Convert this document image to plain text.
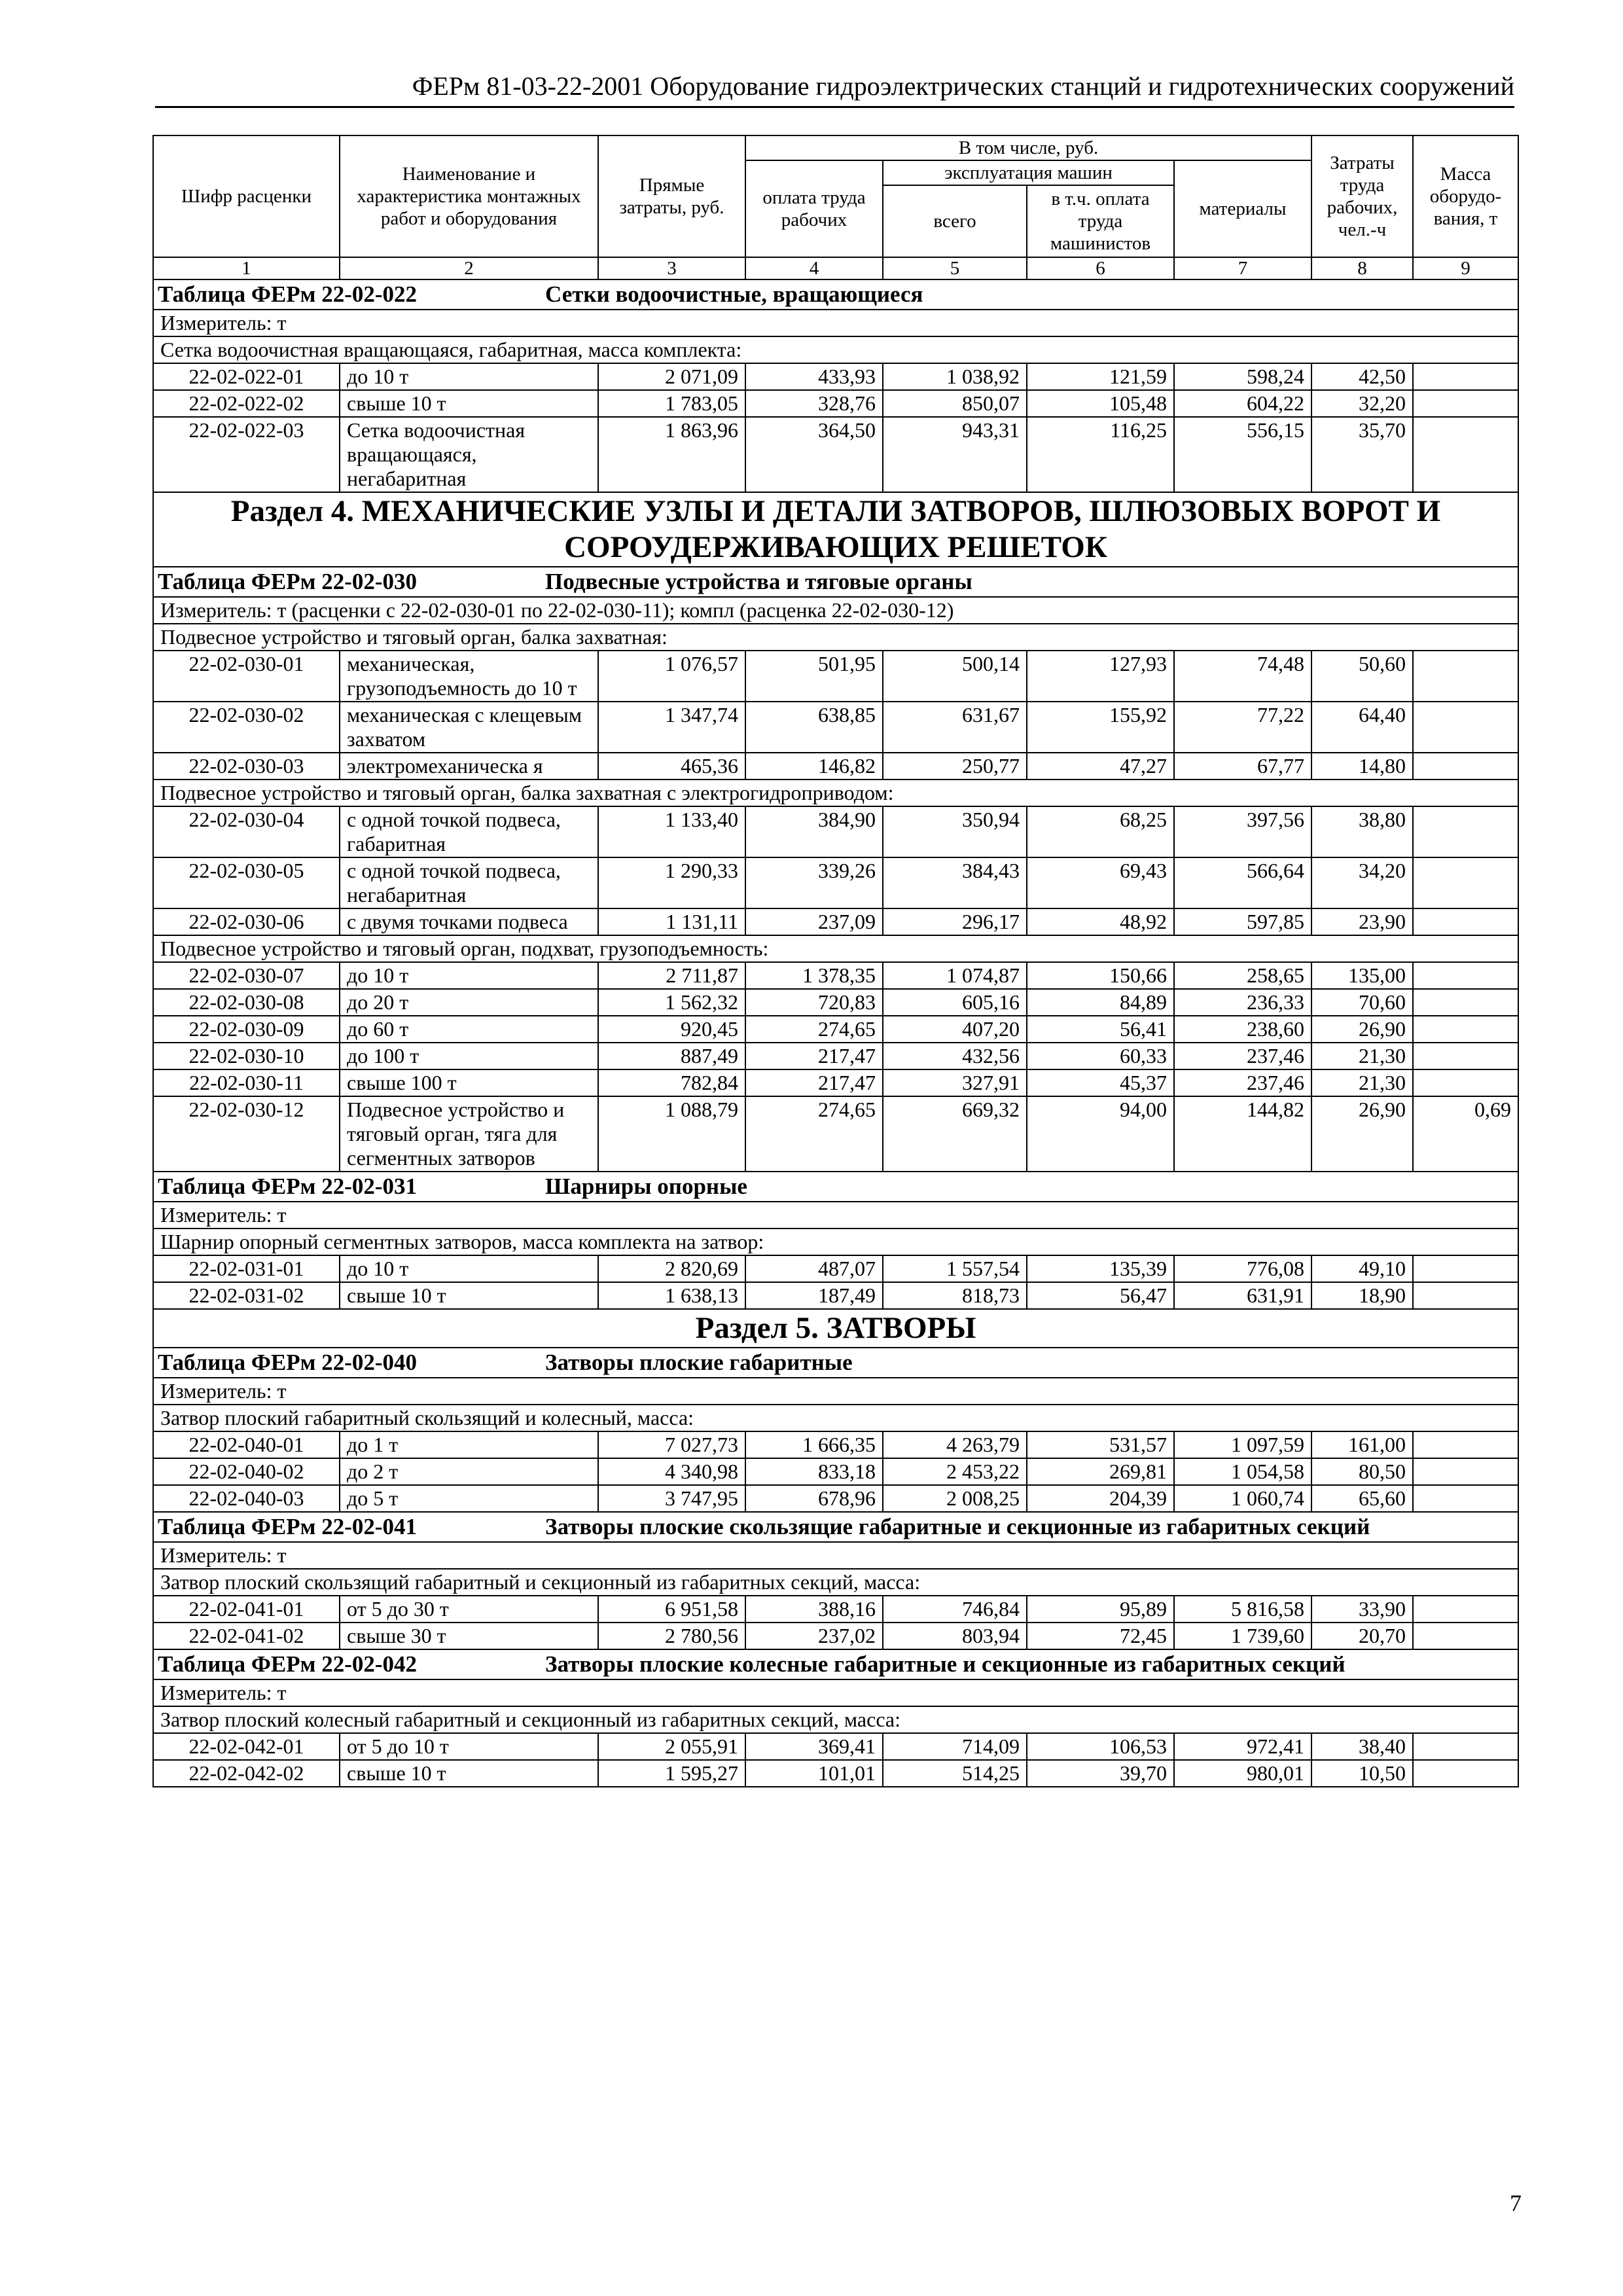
ФЕРм 81-03-22-2001 Оборудование гидроэлектрических станций и гидротехнических сооружений
Шифр расценки	Наименование и характеристика монтажных работ и оборудования	Прямые затраты, руб.	В том числе, руб.				Затраты труда рабочих, чел.-ч	Масса оборудо-вания, т
			оплата труда рабочих	эксплуатация машин		материалы		
				всего	в т.ч. оплата труда машинистов			
1	2	3	4	5	6	7	8	9
Таблица ФЕРм 22-02-022 Сетки водоочистные, вращающиеся								
Измеритель: т								
Сетка водоочистная вращающаяся, габаритная, масса комплекта:								
22-02-022-01	до 10 т	2 071,09	433,93	1 038,92	121,59	598,24	42,50	
22-02-022-02	свыше 10 т	1 783,05	328,76	850,07	105,48	604,22	32,20	
22-02-022-03	Сетка водоочистная вращающаяся, негабаритная	1 863,96	364,50	943,31	116,25	556,15	35,70	
Раздел 4. МЕХАНИЧЕСКИЕ УЗЛЫ И ДЕТАЛИ ЗАТВОРОВ, ШЛЮЗОВЫХ ВОРОТ И СОРОУДЕРЖИВАЮЩИХ РЕШЕТОК								
Таблица ФЕРм 22-02-030 Подвесные устройства и тяговые органы								
Измеритель: т (расценки с 22-02-030-01 по 22-02-030-11); компл (расценка 22-02-030-12)								
Подвесное устройство и тяговый орган, балка захватная:								
22-02-030-01	механическая, грузоподъемность до 10 т	1 076,57	501,95	500,14	127,93	74,48	50,60	
22-02-030-02	механическая с клещевым захватом	1 347,74	638,85	631,67	155,92	77,22	64,40	
22-02-030-03	электромеханическа я	465,36	146,82	250,77	47,27	67,77	14,80	
Подвесное устройство и тяговый орган, балка захватная с электрогидроприводом:								
22-02-030-04	с одной точкой подвеса, габаритная	1 133,40	384,90	350,94	68,25	397,56	38,80	
22-02-030-05	с одной точкой подвеса, негабаритная	1 290,33	339,26	384,43	69,43	566,64	34,20	
22-02-030-06	с двумя точками подвеса	1 131,11	237,09	296,17	48,92	597,85	23,90	
Подвесное устройство и тяговый орган, подхват, грузоподъемность:								
22-02-030-07	до 10 т	2 711,87	1 378,35	1 074,87	150,66	258,65	135,00	
22-02-030-08	до 20 т	1 562,32	720,83	605,16	84,89	236,33	70,60	
22-02-030-09	до 60 т	920,45	274,65	407,20	56,41	238,60	26,90	
22-02-030-10	до 100 т	887,49	217,47	432,56	60,33	237,46	21,30	
22-02-030-11	свыше 100 т	782,84	217,47	327,91	45,37	237,46	21,30	
22-02-030-12	Подвесное устройство и тяговый орган, тяга для сегментных затворов	1 088,79	274,65	669,32	94,00	144,82	26,90	0,69
Таблица ФЕРм 22-02-031 Шарниры опорные								
Измеритель: т								
Шарнир опорный сегментных затворов, масса комплекта на затвор:								
22-02-031-01	до 10 т	2 820,69	487,07	1 557,54	135,39	776,08	49,10	
22-02-031-02	свыше 10 т	1 638,13	187,49	818,73	56,47	631,91	18,90	
Раздел 5. ЗАТВОРЫ								
Таблица ФЕРм 22-02-040 Затворы плоские габаритные								
Измеритель: т								
Затвор плоский габаритный скользящий и колесный, масса:								
22-02-040-01	до 1 т	7 027,73	1 666,35	4 263,79	531,57	1 097,59	161,00	
22-02-040-02	до 2 т	4 340,98	833,18	2 453,22	269,81	1 054,58	80,50	
22-02-040-03	до 5 т	3 747,95	678,96	2 008,25	204,39	1 060,74	65,60	
Таблица ФЕРм 22-02-041 Затворы плоские скользящие габаритные и секционные из габаритных секций								
Измеритель: т								
Затвор плоский скользящий габаритный и секционный из габаритных секций, масса:								
22-02-041-01	от 5 до 30 т	6 951,58	388,16	746,84	95,89	5 816,58	33,90	
22-02-041-02	свыше 30 т	2 780,56	237,02	803,94	72,45	1 739,60	20,70	
Таблица ФЕРм 22-02-042 Затворы плоские колесные габаритные и секционные из габаритных секций								
Измеритель: т								
Затвор плоский колесный габаритный и секционный из габаритных секций, масса:								
22-02-042-01	от 5 до 10 т	2 055,91	369,41	714,09	106,53	972,41	38,40	
22-02-042-02	свыше 10 т	1 595,27	101,01	514,25	39,70	980,01	10,50	
7
